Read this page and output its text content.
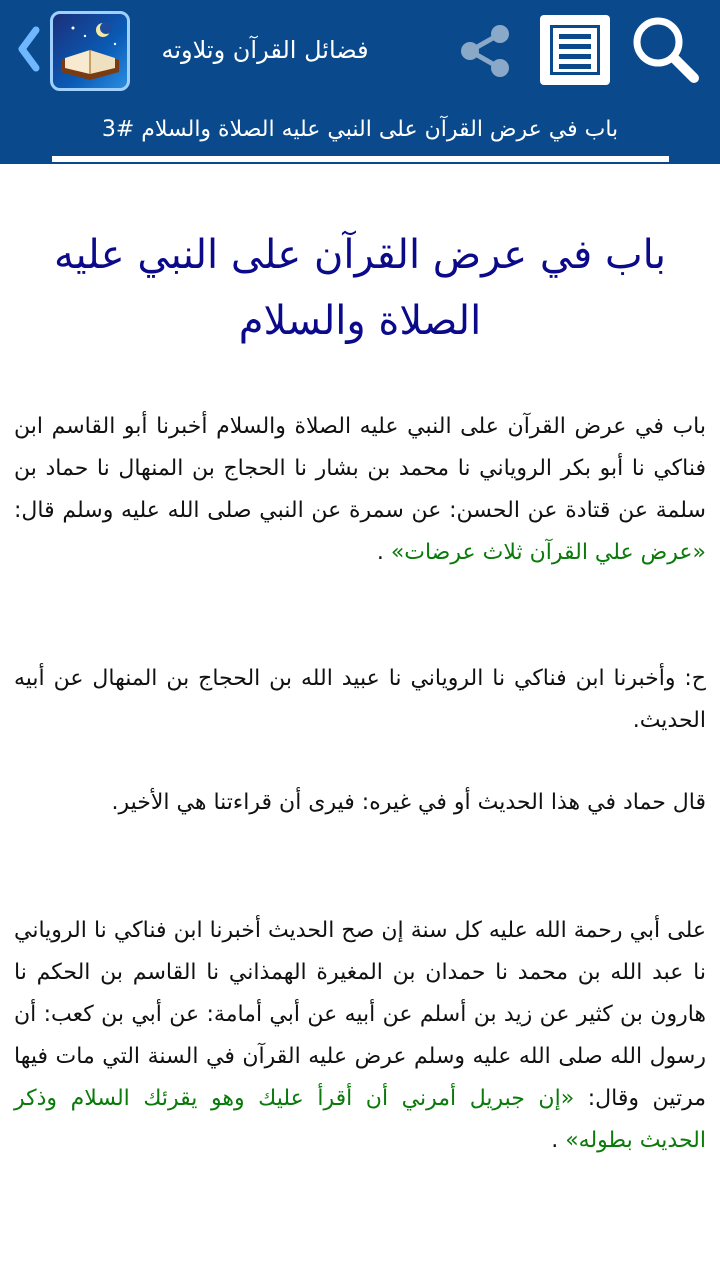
فضائل القرآن وتلاوته
باب في عرض القرآن على النبي عليه الصلاة والسلام #3
باب في عرض القرآن على النبي عليه الصلاة والسلام
باب في عرض القرآن على النبي عليه الصلاة والسلام أخبرنا أبو القاسم ابن فناكي نا أبو بكر الروياني نا محمد بن بشار نا الحجاج بن المنهال نا حماد بن سلمة عن قتادة عن الحسن: عن سمرة عن النبي صلى الله عليه وسلم قال: «عرض علي القرآن ثلاث عرضات» .
ح: وأخبرنا ابن فناكي نا الروياني نا عبيد الله بن الحجاج بن المنهال عن أبيه الحديث.
قال حماد في هذا الحديث أو في غيره: فيرى أن قراءتنا هي الأخير.
على أبي رحمة الله عليه كل سنة إن صح الحديث أخبرنا ابن فناكي نا الروياني نا عبد الله بن محمد نا حمدان بن المغيرة الهمذاني نا القاسم بن الحكم نا هارون بن كثير عن زيد بن أسلم عن أبيه عن أبي أمامة: عن أبي بن كعب: أن رسول الله صلى الله عليه وسلم عرض عليه القرآن في السنة التي مات فيها مرتين وقال: «إن جبريل أمرني أن أقرأ عليك وهو يقرئك السلام وذكر الحديث بطوله» .
